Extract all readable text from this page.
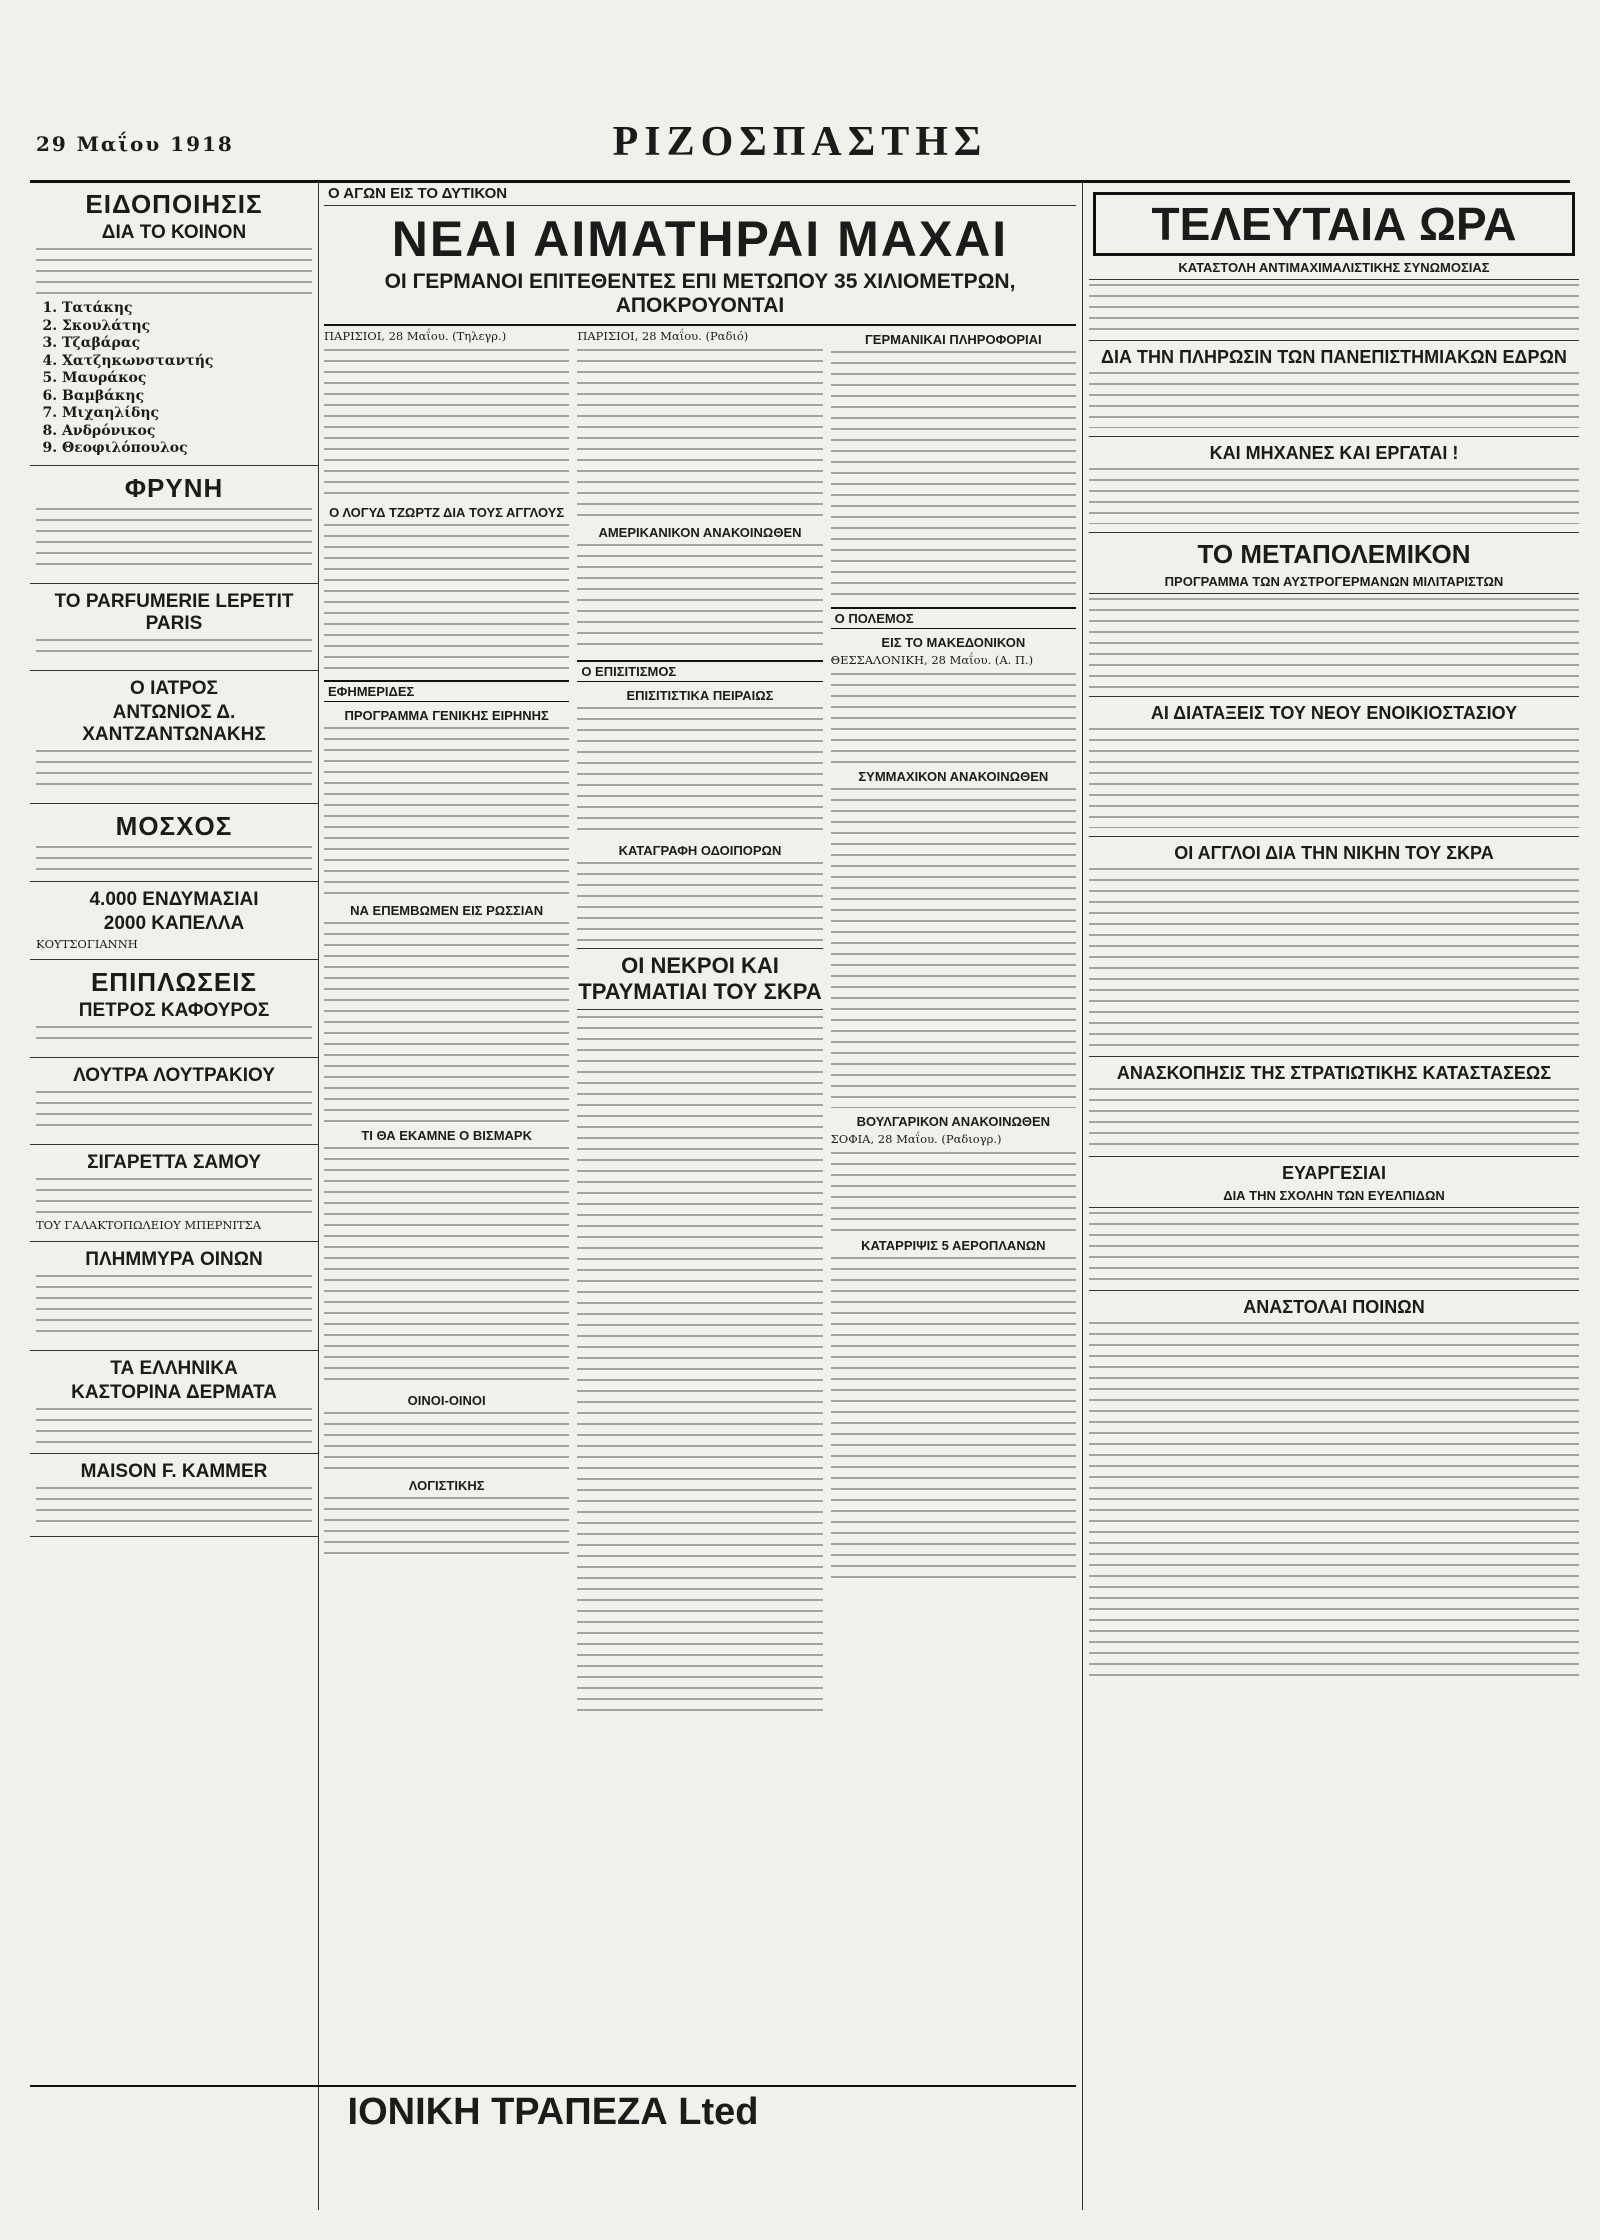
29 Μαΐου 1918	ΡΙΖΟΣΠΑΣΤΗΣ
ΕΙΔΟΠΟΙΗΣΙΣ
ΔΙΑ ΤΟ ΚΟΙΝΟΝ
1. Τατάκης
2. Σκουλάτης
3. Τζαβάρας
4. Χατζηκωνσταντής
5. Μαυράκος
6. Βαμβάκης
7. Μιχαηλίδης
8. Ανδρόνικος
9. Θεοφιλόπουλος
ΦΡΥΝΗ
ΤΟ PARFUMERIE LEPETIT PARIS
Ο ΙΑΤΡΟΣ
ΑΝΤΩΝΙΟΣ Δ. ΧΑΝΤΖΑΝΤΩΝΑΚΗΣ
ΜΟΣΧΟΣ
4.000 ΕΝΔΥΜΑΣΙΑΙ
2000 ΚΑΠΕΛΛΑ

ΚΟΥΤΣΟΓΙΑΝΝΗ

ΕΠΙΠΛΩΣΕΙΣ
ΠΕΤΡΟΣ ΚΑΦΟΥΡΟΣ
ΛΟΥΤΡΑ ΛΟΥΤΡΑΚΙΟΥ
ΣΙΓΑΡΕΤΤΑ ΣΑΜΟΥ

ΤΟΥ ΓΑΛΑΚΤΟΠΩΛΕΙΟΥ ΜΠΕΡΝΙΤΣΑ

ΠΛΗΜΜΥΡΑ ΟΙΝΩΝ
ΤΑ ΕΛΛΗΝΙΚΑ
ΚΑΣΤΟΡΙΝΑ ΔΕΡΜΑΤΑ
MAISON F. KAMMER
Ο ΑΓΩΝ ΕΙΣ ΤΟ ΔΥΤΙΚΟΝ
ΝΕΑΙ ΑΙΜΑΤΗΡΑΙ ΜΑΧΑΙ
ΟΙ ΓΕΡΜΑΝΟΙ ΕΠΙΤΕΘΕΝΤΕΣ ΕΠΙ ΜΕΤΩΠΟΥ 35 ΧΙΛΙΟΜΕΤΡΩΝ, ΑΠΟΚΡΟΥΟΝΤΑΙ

ΠΑΡΙΣΙΟΙ, 28 Μαΐου. (Τηλεγρ.)

Ο ΛΟΓΥΔ ΤΖΩΡΤΖ ΔΙΑ ΤΟΥΣ ΑΓΓΛΟΥΣ
ΕΦΗΜΕΡΙΔΕΣ
ΠΡΟΓΡΑΜΜΑ ΓΕΝΙΚΗΣ ΕΙΡΗΝΗΣ
ΝΑ ΕΠΕΜΒΩΜΕΝ ΕΙΣ ΡΩΣΣΙΑΝ
ΤΙ ΘΑ ΕΚΑΜΝΕ Ο ΒΙΣΜΑΡΚ
ΟΙΝΟΙ-ΟΙΝΟΙ
ΛΟΓΙΣΤΙΚΗΣ

ΠΑΡΙΣΙΟΙ, 28 Μαΐου. (Ραδιό)

ΑΜΕΡΙΚΑΝΙΚΟΝ ΑΝΑΚΟΙΝΩΘΕΝ
Ο ΕΠΙΣΙΤΙΣΜΟΣ
ΕΠΙΣΙΤΙΣΤΙΚΑ ΠΕΙΡΑΙΩΣ
ΚΑΤΑΓΡΑΦΗ ΟΔΟΙΠΟΡΩΝ
ΟΙ ΝΕΚΡΟΙ ΚΑΙ ΤΡΑΥΜΑΤΙΑΙ ΤΟΥ ΣΚΡΑ
ΓΕΡΜΑΝΙΚΑΙ ΠΛΗΡΟΦΟΡΙΑΙ
Ο ΠΟΛΕΜΟΣ
ΕΙΣ ΤΟ ΜΑΚΕΔΟΝΙΚΟΝ

ΘΕΣΣΑΛΟΝΙΚΗ, 28 Μαΐου. (Α. Π.)

ΣΥΜΜΑΧΙΚΟΝ ΑΝΑΚΟΙΝΩΘΕΝ
ΒΟΥΛΓΑΡΙΚΟΝ ΑΝΑΚΟΙΝΩΘΕΝ

ΣΟΦΙΑ, 28 Μαΐου. (Ραδιογρ.)

ΚΑΤΑΡΡΙΨΙΣ 5 ΑΕΡΟΠΛΑΝΩΝ
ΙΟΝΙΚΗ ΤΡΑΠΕΖΑ Lted
ΤΕΛΕΥΤΑΙΑ ΩΡΑ
ΚΑΤΑΣΤΟΛΗ ΑΝΤΙΜΑΧΙΜΑΛΙΣΤΙΚΗΣ ΣΥΝΩΜΟΣΙΑΣ
ΔΙΑ ΤΗΝ ΠΛΗΡΩΣΙΝ ΤΩΝ ΠΑΝΕΠΙΣΤΗΜΙΑΚΩΝ ΕΔΡΩΝ
ΚΑΙ ΜΗΧΑΝΕΣ ΚΑΙ ΕΡΓΑΤΑΙ !
ΤΟ ΜΕΤΑΠΟΛΕΜΙΚΟΝ
ΠΡΟΓΡΑΜΜΑ ΤΩΝ ΑΥΣΤΡΟΓΕΡΜΑΝΩΝ ΜΙΛΙΤΑΡΙΣΤΩΝ
ΑΙ ΔΙΑΤΑΞΕΙΣ ΤΟΥ ΝΕΟΥ ΕΝΟΙΚΙΟΣΤΑΣΙΟΥ
ΟΙ ΑΓΓΛΟΙ ΔΙΑ ΤΗΝ ΝΙΚΗΝ ΤΟΥ ΣΚΡΑ
ΑΝΑΣΚΟΠΗΣΙΣ ΤΗΣ ΣΤΡΑΤΙΩΤΙΚΗΣ ΚΑΤΑΣΤΑΣΕΩΣ
ΕΥΑΡΓΕΣΙΑΙ
ΔΙΑ ΤΗΝ ΣΧΟΛΗΝ ΤΩΝ ΕΥΕΛΠΙΔΩΝ
ΑΝΑΣΤΟΛΑΙ ΠΟΙΝΩΝ
